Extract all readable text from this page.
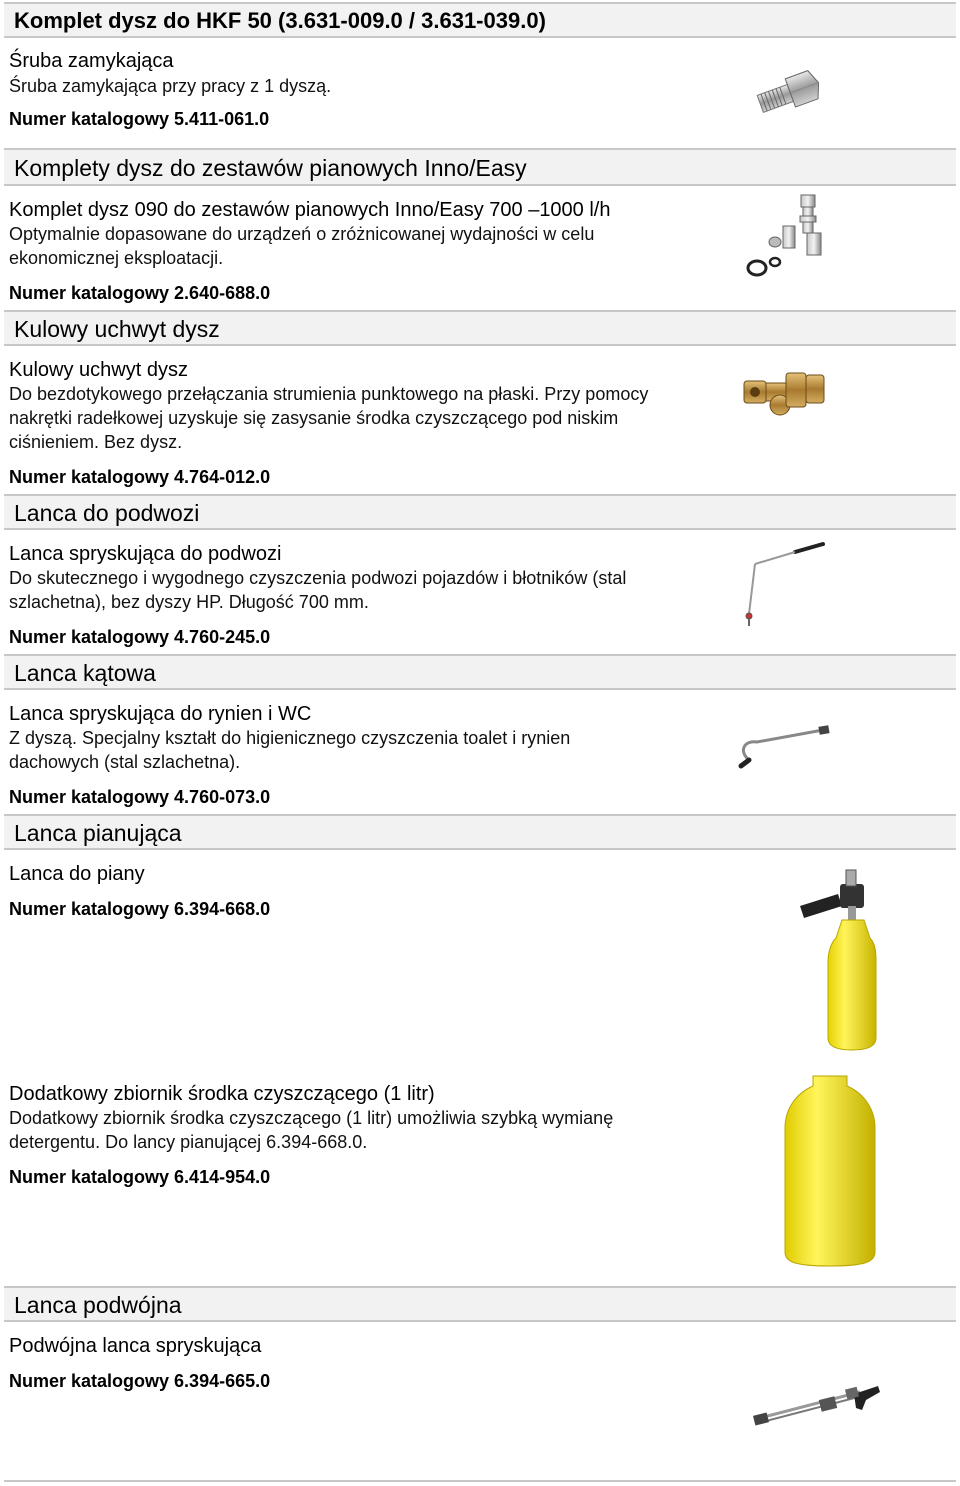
Komplet dysz do HKF 50 (3.631-009.0 / 3.631-039.0)
Śruba zamykająca
Śruba zamykająca przy pracy z 1 dyszą.
Numer katalogowy 5.411-061.0
Komplety dysz do zestawów pianowych Inno/Easy
Komplet dysz 090 do zestawów pianowych Inno/Easy 700 –1000 l/h
Optymalnie dopasowane do urządzeń o zróżnicowanej wydajności w celu
ekonomicznej eksploatacji.
Numer katalogowy 2.640-688.0
Kulowy uchwyt dysz
Kulowy uchwyt dysz
Do bezdotykowego przełączania strumienia punktowego na płaski. Przy pomocy
nakrętki radełkowej uzyskuje się zasysanie środka czyszczącego pod niskim
ciśnieniem. Bez dysz.
Numer katalogowy 4.764-012.0
Lanca do podwozi
Lanca spryskująca do podwozi
Do skutecznego i wygodnego czyszczenia podwozi pojazdów i błotników (stal
szlachetna), bez dyszy HP. Długość 700 mm.
Numer katalogowy 4.760-245.0
Lanca kątowa
Lanca spryskująca do rynien i WC
Z dyszą. Specjalny kształt do higienicznego czyszczenia toalet i rynien
dachowych (stal szlachetna).
Numer katalogowy 4.760-073.0
Lanca pianująca
Lanca do piany
Numer katalogowy 6.394-668.0
Dodatkowy zbiornik środka czyszczącego (1 litr)
Dodatkowy zbiornik środka czyszczącego (1 litr) umożliwia szybką wymianę
detergentu. Do lancy pianującej 6.394-668.0.
Numer katalogowy 6.414-954.0
Lanca podwójna
Podwójna lanca spryskująca
Numer katalogowy 6.394-665.0
